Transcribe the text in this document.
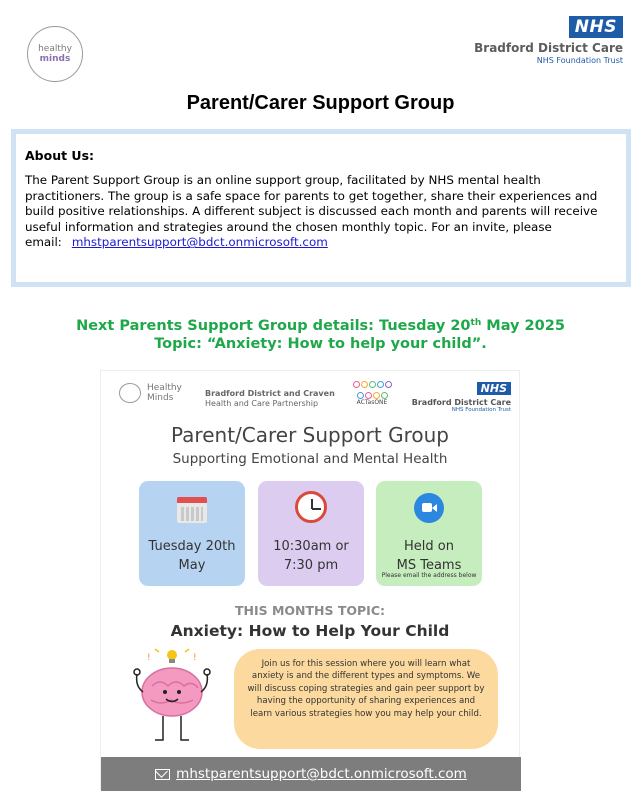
healthy
minds
NHS
Bradford District Care
NHS Foundation Trust
Parent/Carer Support Group
About Us:

The Parent Support Group is an online support group, facilitated by NHS mental health practitioners. The group is a safe space for parents to get together, share their experiences and build positive relationships. A different subject is discussed each month and parents will receive useful information and strategies around the chosen monthly topic. For an invite, please email: mhstparentsupport@bdct.onmicrosoft.com

Next Parents Support Group details: Tuesday 20th May 2025
Topic: “Anxiety: How to help your child”.
Healthy
Minds	Bradford District and Craven
Health and Care Partnership	ACTasONE
NHS
Bradford District Care
NHS Foundation Trust
Parent/Carer Support Group
Supporting Emotional and Mental Health
Tuesday 20th
May
10:30am or
7:30 pm
Held on
MS Teams
Please email the address below
THIS MONTHS TOPIC:
Anxiety: How to Help Your Child
!	!
Join us for this session where you will learn what anxiety is and the different types and symptoms. We will discuss coping strategies and gain peer support by having the opportunity of sharing experiences and learn various strategies how you may help your child.
mhstparentsupport@bdct.onmicrosoft.com
